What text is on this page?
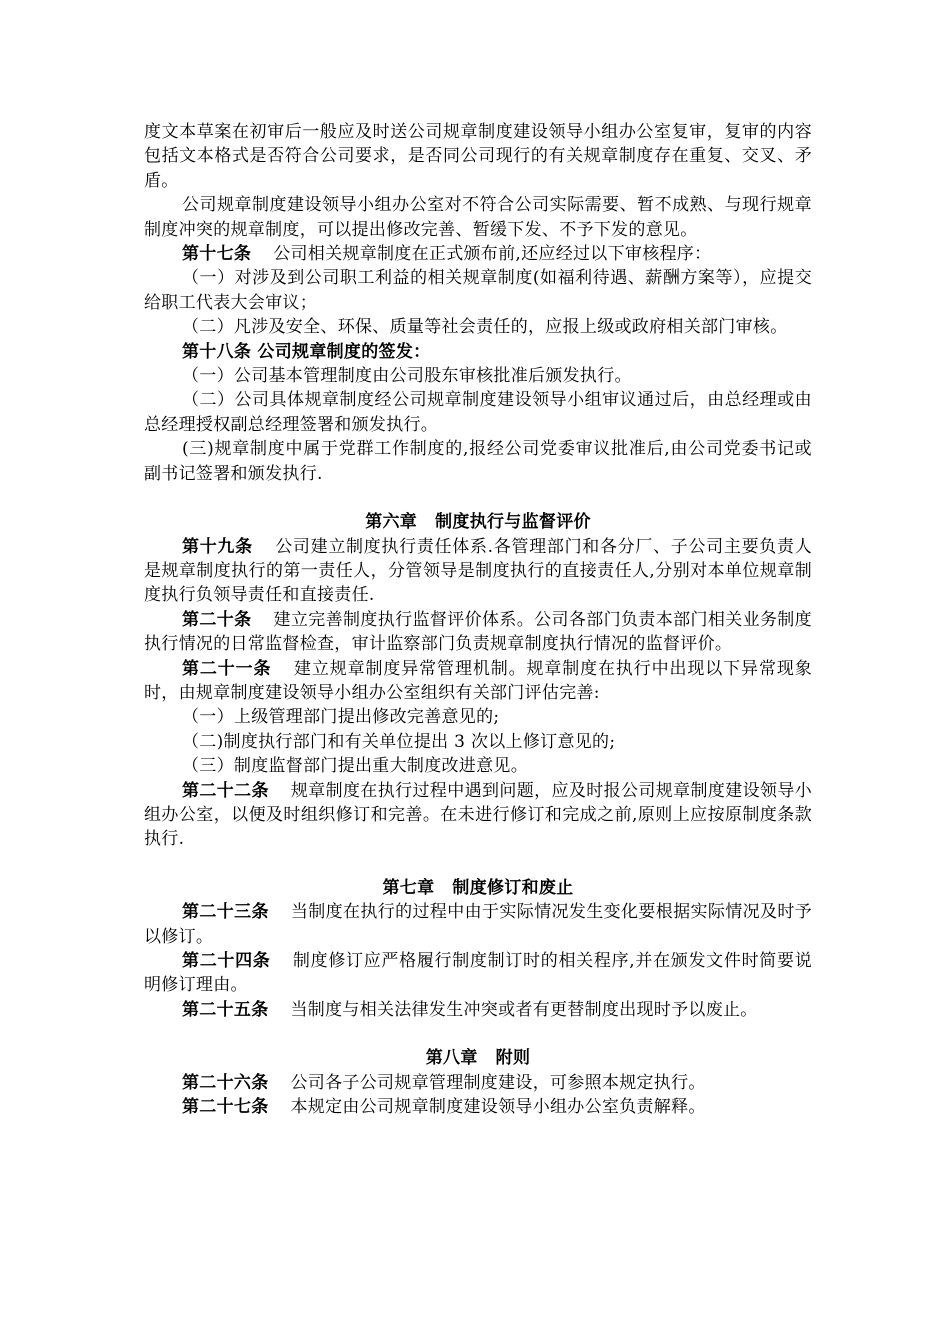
度文本草案在初审后一般应及时送公司规章制度建设领导小组办公室复审，复审的内容包括文本格式是否符合公司要求，是否同公司现行的有关规章制度存在重复、交叉、矛盾。

公司规章制度建设领导小组办公室对不符合公司实际需要、暂不成熟、与现行规章制度冲突的规章制度，可以提出修改完善、暂缓下发、不予下发的意见。

第十七条 公司相关规章制度在正式颁布前,还应经过以下审核程序：

（一）对涉及到公司职工利益的相关规章制度(如福利待遇、薪酬方案等），应提交给职工代表大会审议；

（二）凡涉及安全、环保、质量等社会责任的，应报上级或政府相关部门审核。

第十八条 公司规章制度的签发：

（一）公司基本管理制度由公司股东审核批准后颁发执行。

（二）公司具体规章制度经公司规章制度建设领导小组审议通过后，由总经理或由总经理授权副总经理签署和颁发执行。

(三)规章制度中属于党群工作制度的,报经公司党委审议批准后,由公司党委书记或副书记签署和颁发执行.

第六章 制度执行与监督评价

第十九条 公司建立制度执行责任体系.各管理部门和各分厂、子公司主要负责人是规章制度执行的第一责任人，分管领导是制度执行的直接责任人,分别对本单位规章制度执行负领导责任和直接责任.

第二十条 建立完善制度执行监督评价体系。公司各部门负责本部门相关业务制度执行情况的日常监督检查，审计监察部门负责规章制度执行情况的监督评价。

第二十一条 建立规章制度异常管理机制。规章制度在执行中出现以下异常现象时，由规章制度建设领导小组办公室组织有关部门评估完善:

（一）上级管理部门提出修改完善意见的;

（二)制度执行部门和有关单位提出 3 次以上修订意见的;

（三）制度监督部门提出重大制度改进意见。

第二十二条 规章制度在执行过程中遇到问题，应及时报公司规章制度建设领导小组办公室，以便及时组织修订和完善。在未进行修订和完成之前,原则上应按原制度条款执行.

第七章 制度修订和废止

第二十三条 当制度在执行的过程中由于实际情况发生变化要根据实际情况及时予以修订。

第二十四条 制度修订应严格履行制度制订时的相关程序,并在颁发文件时简要说明修订理由。

第二十五条 当制度与相关法律发生冲突或者有更替制度出现时予以废止。

第八章 附则

第二十六条 公司各子公司规章管理制度建设，可参照本规定执行。

第二十七条 本规定由公司规章制度建设领导小组办公室负责解释。
